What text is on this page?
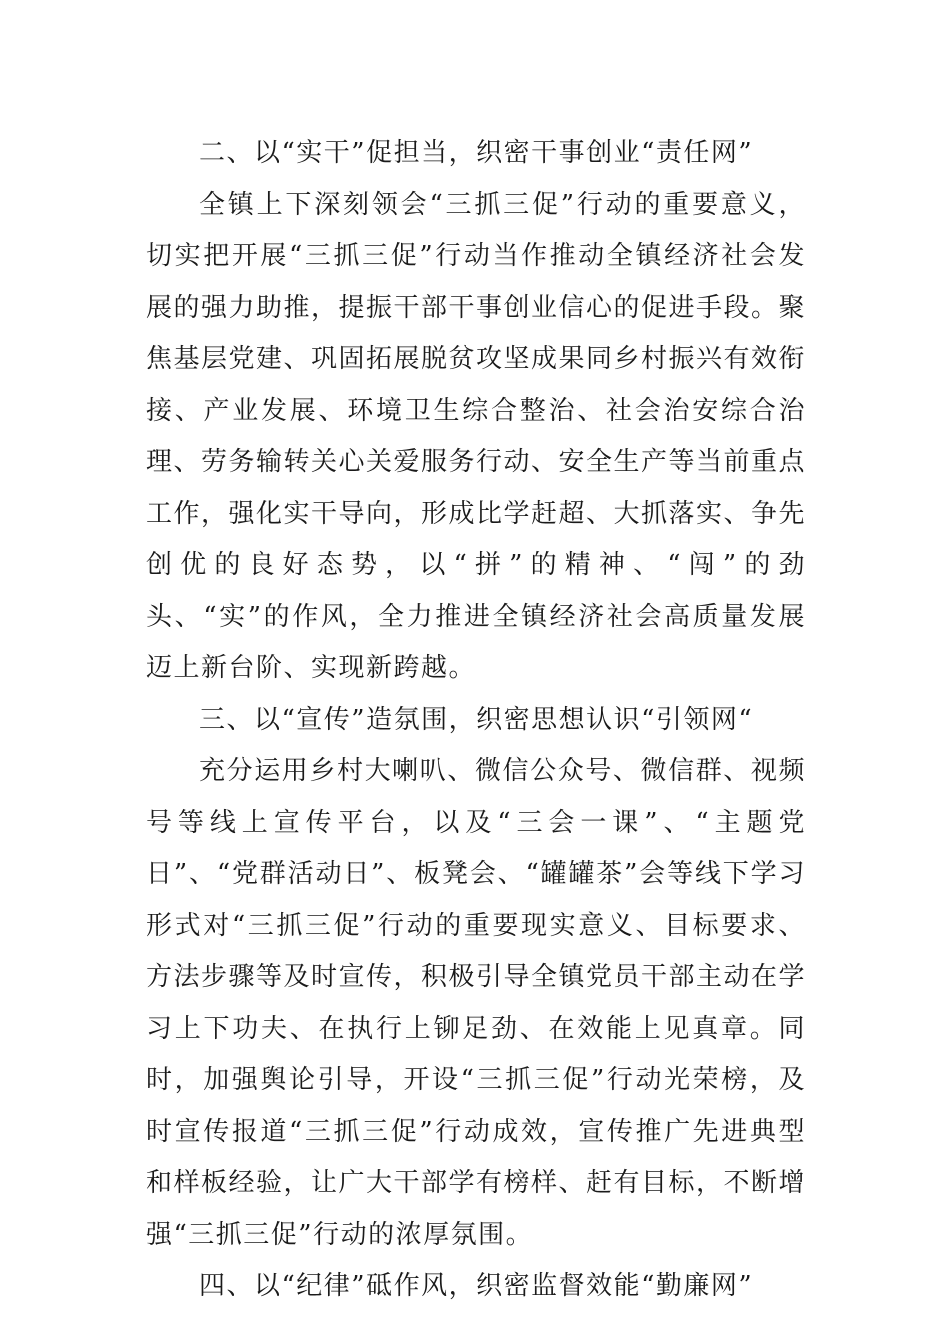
二、以“实干”促担当，织密干事创业“责任网”

全镇上下深刻领会“三抓三促”行动的重要意义，切实把开展“三抓三促”行动当作推动全镇经济社会发展的强力助推，提振干部干事创业信心的促进手段。聚焦基层党建、巩固拓展脱贫攻坚成果同乡村振兴有效衔接、产业发展、环境卫生综合整治、社会治安综合治理、劳务输转关心关爱服务行动、安全生产等当前重点工作，强化实干导向，形成比学赶超、大抓落实、争先创优的良好态势，以“拼”的精神、“闯”的劲头、“实”的作风，全力推进全镇经济社会高质量发展迈上新台阶、实现新跨越。

三、以“宣传”造氛围，织密思想认识“引领网“

充分运用乡村大喇叭、微信公众号、微信群、视频号等线上宣传平台，以及“三会一课”、“主题党日”、“党群活动日”、板凳会、“罐罐茶”会等线下学习形式对“三抓三促”行动的重要现实意义、目标要求、方法步骤等及时宣传，积极引导全镇党员干部主动在学习上下功夫、在执行上铆足劲、在效能上见真章。同时，加强舆论引导，开设“三抓三促”行动光荣榜，及时宣传报道“三抓三促”行动成效，宣传推广先进典型和样板经验，让广大干部学有榜样、赶有目标，不断增强“三抓三促”行动的浓厚氛围。

四、以“纪律”砥作风，织密监督效能“勤廉网”
